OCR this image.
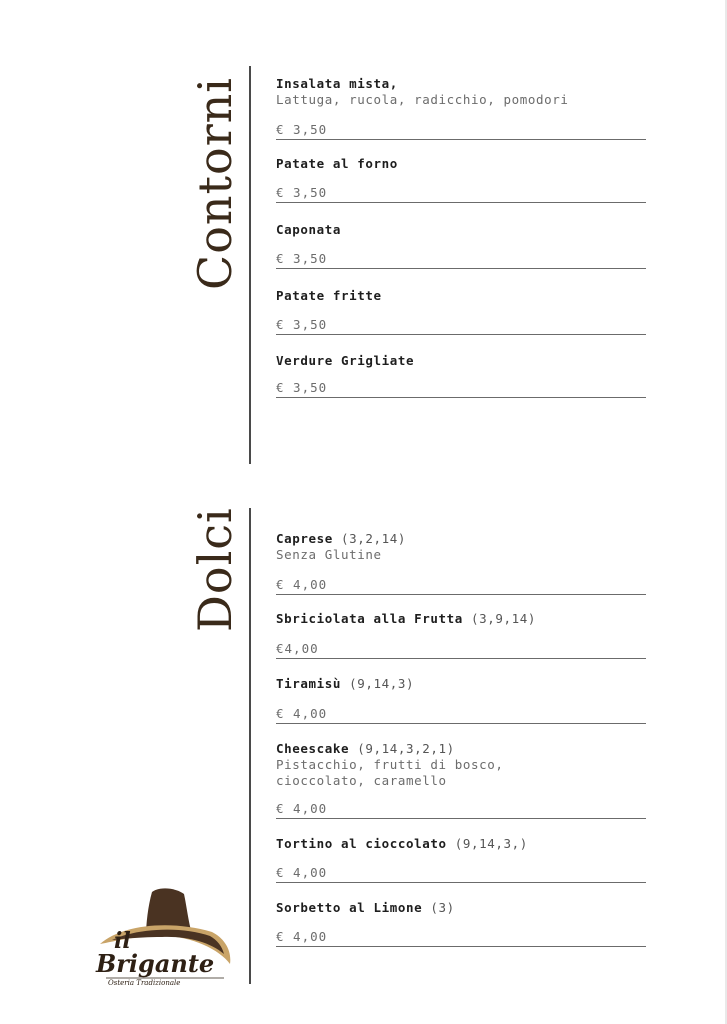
Contorni	Insalata mista,
Lattuga, rucola, radicchio, pomodori
€ 3,50
Patate al forno
€ 3,50
Caponata
€ 3,50
Patate fritte
€ 3,50
Verdure Grigliate
€ 3,50
Dolci	Caprese (3,2,14)
Senza Glutine
€ 4,00
Sbriciolata alla Frutta (3,9,14)
€4,00
Tiramisù (9,14,3)
€ 4,00
Cheescake (9,14,3,2,1)
Pistacchio, frutti di bosco,
cioccolato, caramello
€ 4,00
Tortino al cioccolato (9,14,3,)
€ 4,00
Sorbetto al Limone (3)
€ 4,00
il
Brigante
Osteria Tradizionale
